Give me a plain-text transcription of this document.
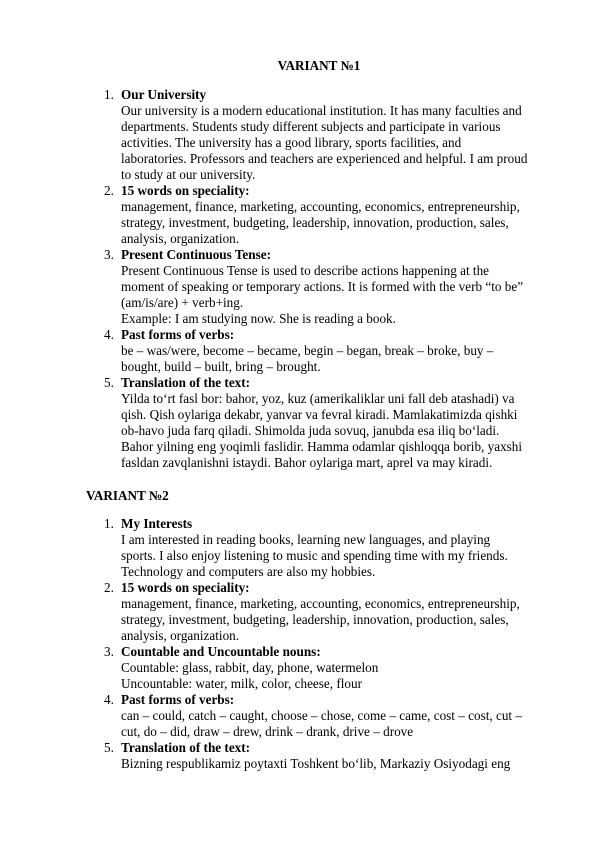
VARIANT №1
1. Our University
Our university is a modern educational institution. It has many faculties and
departments. Students study different subjects and participate in various
activities. The university has a good library, sports facilities, and
laboratories. Professors and teachers are experienced and helpful. I am proud
to study at our university.
2. 15 words on speciality:
management, finance, marketing, accounting, economics, entrepreneurship,
strategy, investment, budgeting, leadership, innovation, production, sales,
analysis, organization.
3. Present Continuous Tense:
Present Continuous Tense is used to describe actions happening at the
moment of speaking or temporary actions. It is formed with the verb “to be”
(am/is/are) + verb+ing.
Example: I am studying now. She is reading a book.
4. Past forms of verbs:
be – was/were, become – became, begin – began, break – broke, buy –
bought, build – built, bring – brought.
5. Translation of the text:
Yilda to‘rt fasl bor: bahor, yoz, kuz (amerikaliklar uni fall deb atashadi) va
qish. Qish oylariga dekabr, yanvar va fevral kiradi. Mamlakatimizda qishki
ob-havo juda farq qiladi. Shimolda juda sovuq, janubda esa iliq bo‘ladi.
Bahor yilning eng yoqimli faslidir. Hamma odamlar qishloqqa borib, yaxshi
fasldan zavqlanishni istaydi. Bahor oylariga mart, aprel va may kiradi.
VARIANT №2
1. My Interests
I am interested in reading books, learning new languages, and playing
sports. I also enjoy listening to music and spending time with my friends.
Technology and computers are also my hobbies.
2. 15 words on speciality:
management, finance, marketing, accounting, economics, entrepreneurship,
strategy, investment, budgeting, leadership, innovation, production, sales,
analysis, organization.
3. Countable and Uncountable nouns:
Countable: glass, rabbit, day, phone, watermelon
Uncountable: water, milk, color, cheese, flour
4. Past forms of verbs:
can – could, catch – caught, choose – chose, come – came, cost – cost, cut –
cut, do – did, draw – drew, drink – drank, drive – drove
5. Translation of the text:
Bizning respublikamiz poytaxti Toshkent bo‘lib, Markaziy Osiyodagi eng
